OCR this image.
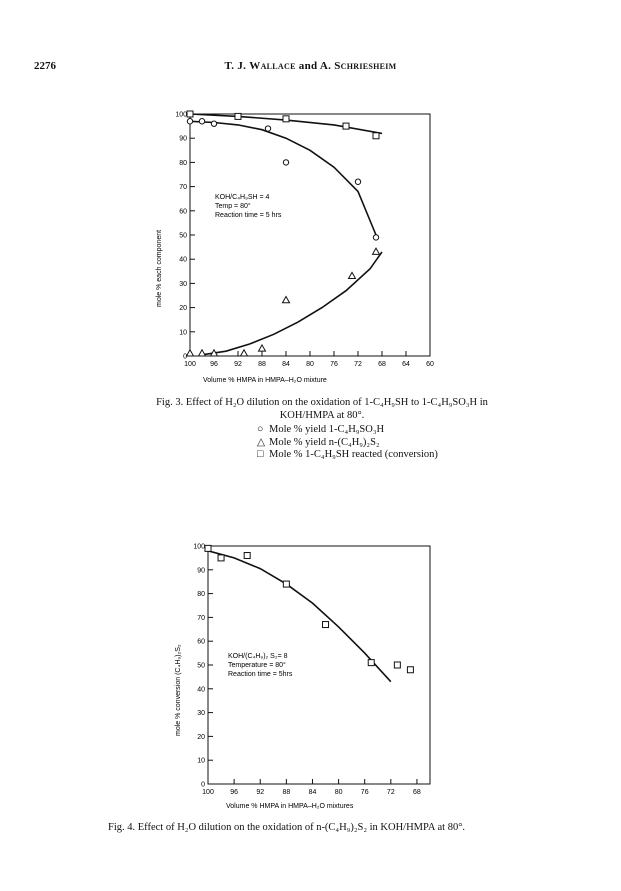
2276	T. J. Wallace and A. Schriesheim
0
10
20
30
40
50
60
70
80
90
100
100 96 92 88 84 80 76 72 68 64 60
mole % each component
Volume % HMPA in HMPA–H₂O mixture
KOH/C₄H₉SH = 4
Temp = 80°
Reaction time = 5 hrs
Fig. 3. Effect of H₂O dilution on the oxidation of 1-C₄H₉SH to 1-C₄H₉SO₃H in
KOH/HMPA at 80°.
○ Mole % yield 1-C₄H₉SO₃H
△ Mole % yield n-(C₄H₉)₂S₂
□ Mole % 1-C₄H₉SH reacted (conversion)
0
10
20
30
40
50
60
70
80
90
100
100 96	92	88	84	80	76	72	68
mole % conversion (C₄H₉)₂S₂
Volume % HMPA in HMPA–H₂O mixtures
KOH/(C₄H₉)₂ S₂= 8
Temperature = 80°
Reaction time = 5hrs
Fig. 4. Effect of H₂O dilution on the oxidation of n-(C₄H₉)₂S₂ in KOH/HMPA at 80°.
